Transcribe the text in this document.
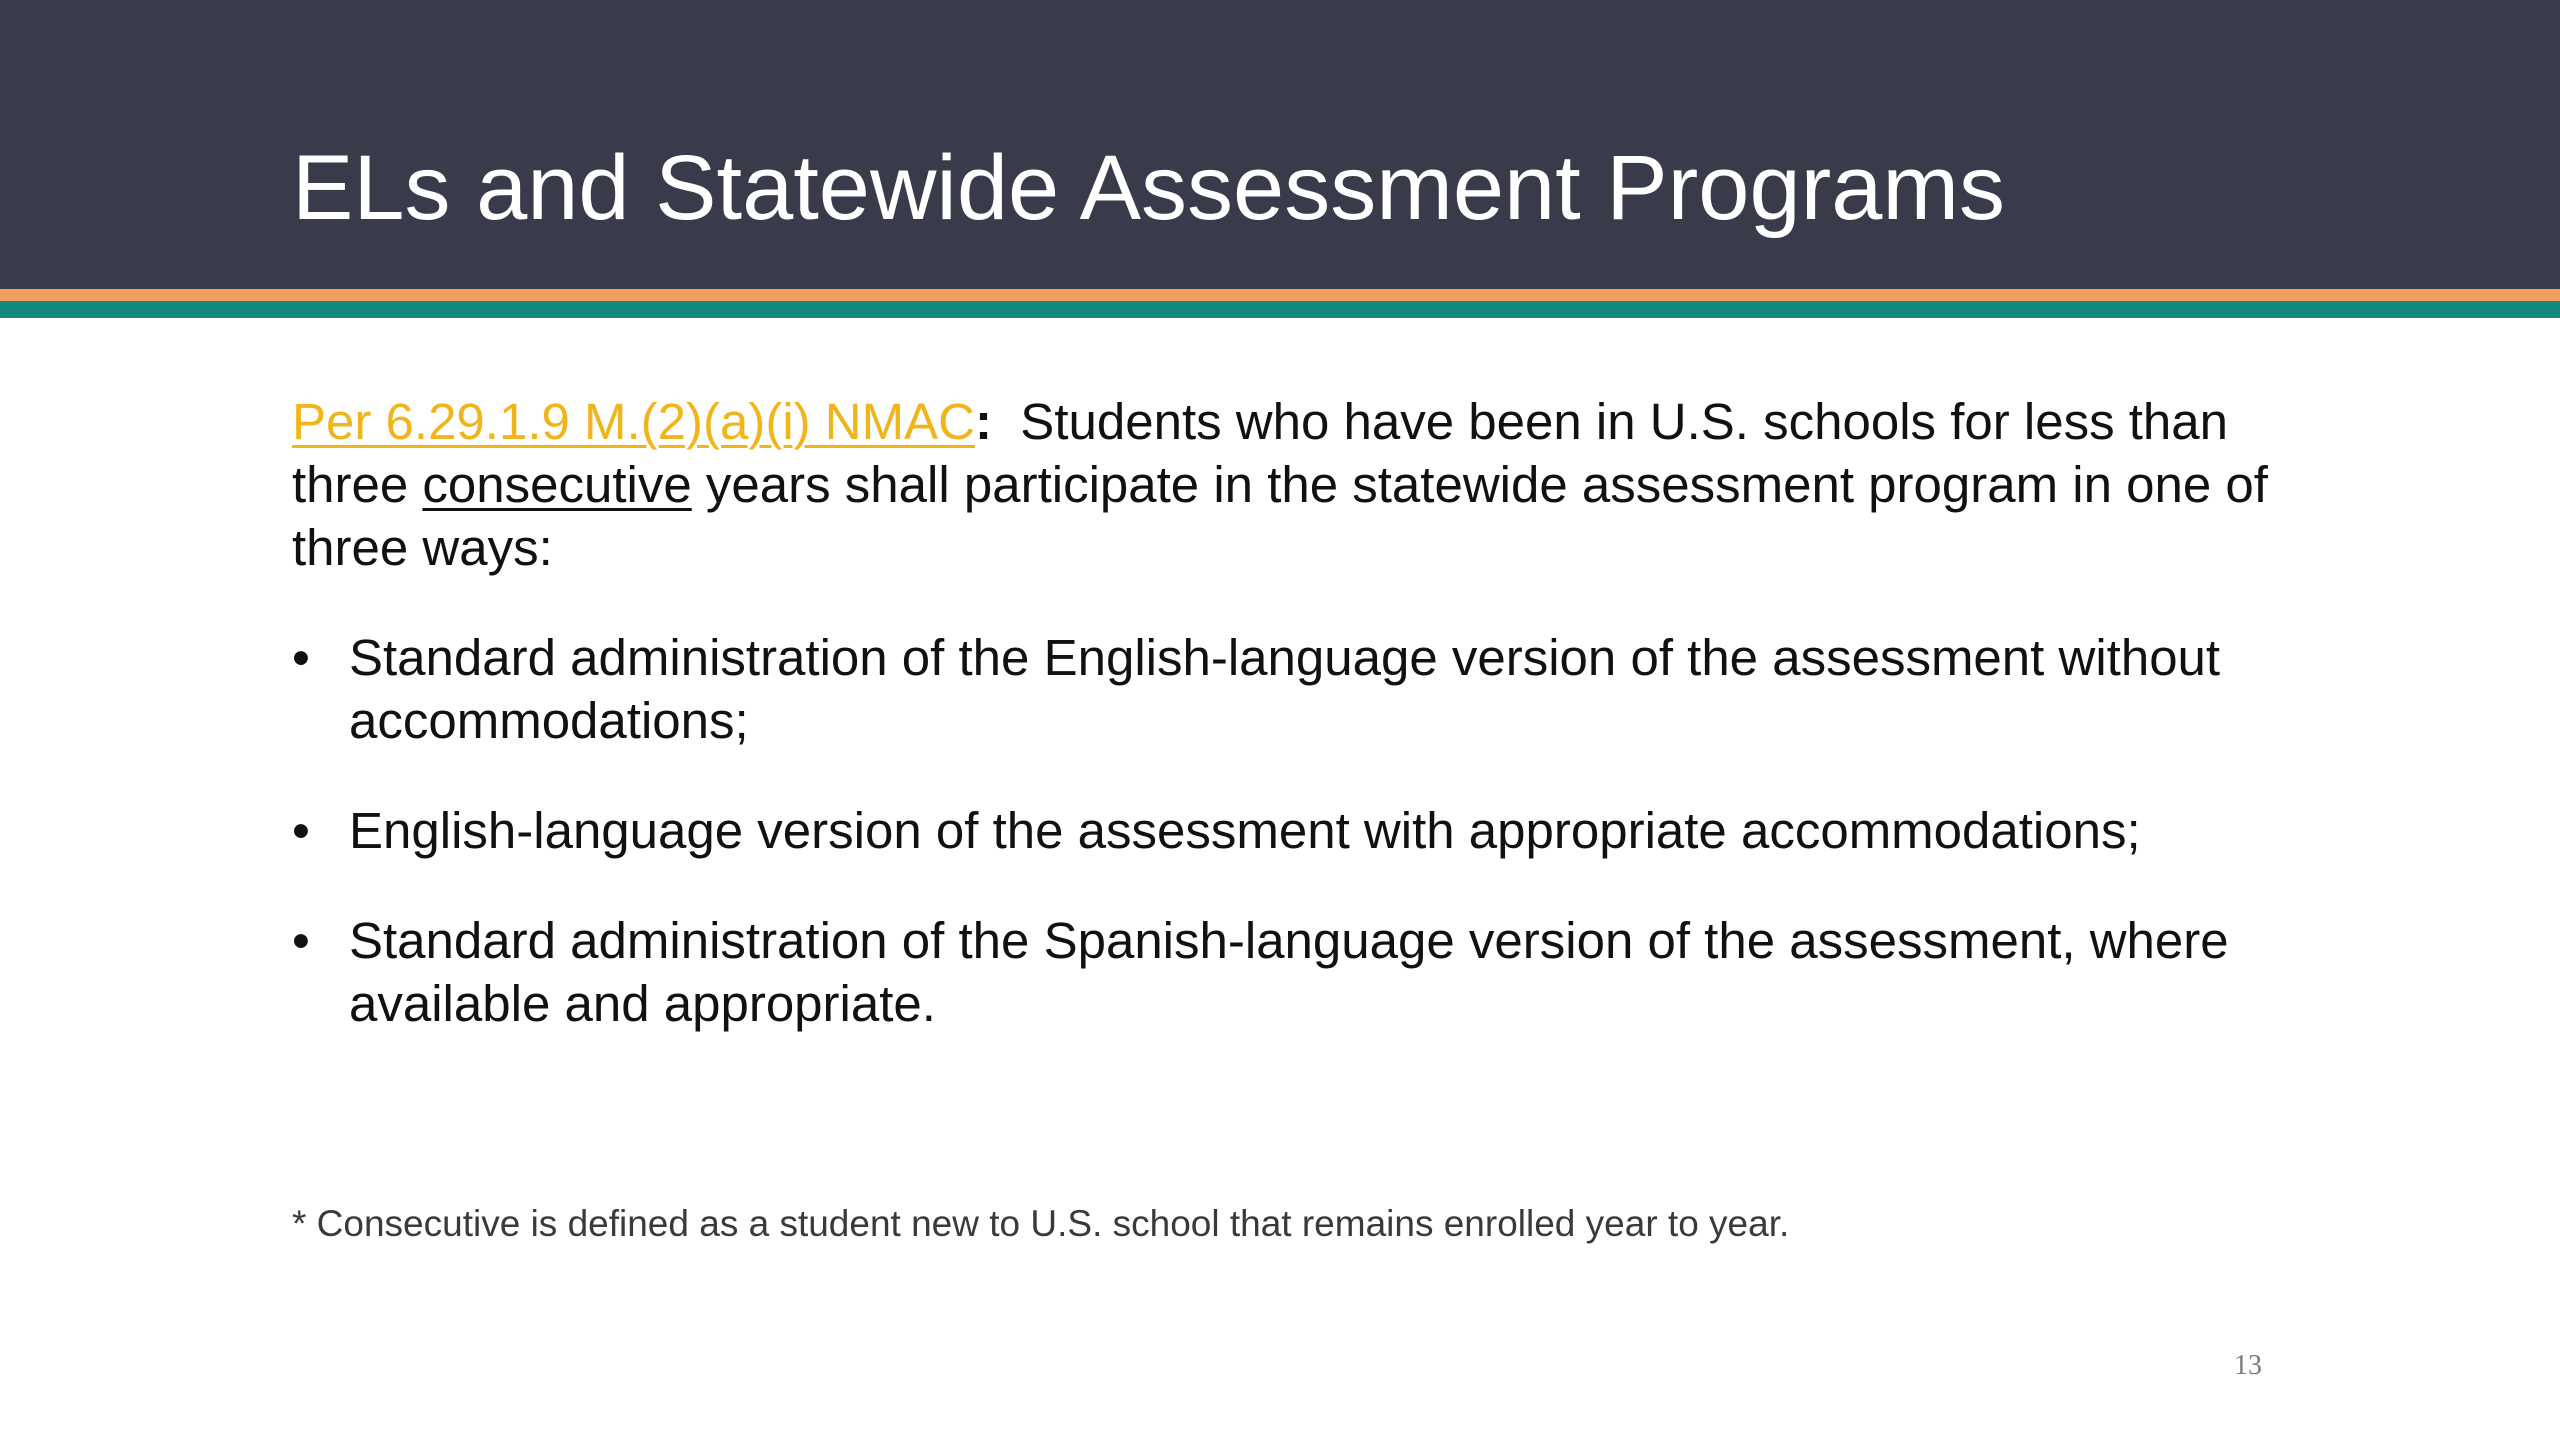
ELs and Statewide Assessment Programs

Per 6.29.1.9 M.(2)(a)(i) NMAC:  Students who have been in U.S. schools for less than three consecutive years shall participate in the statewide assessment program in one of three ways:

• Standard administration of the English-language version of the assessment without accommodations;
• English-language version of the assessment with appropriate accommodations;
• Standard administration of the Spanish-language version of the assessment, where available and appropriate.

* Consecutive is defined as a student new to U.S. school that remains enrolled year to year.

13
